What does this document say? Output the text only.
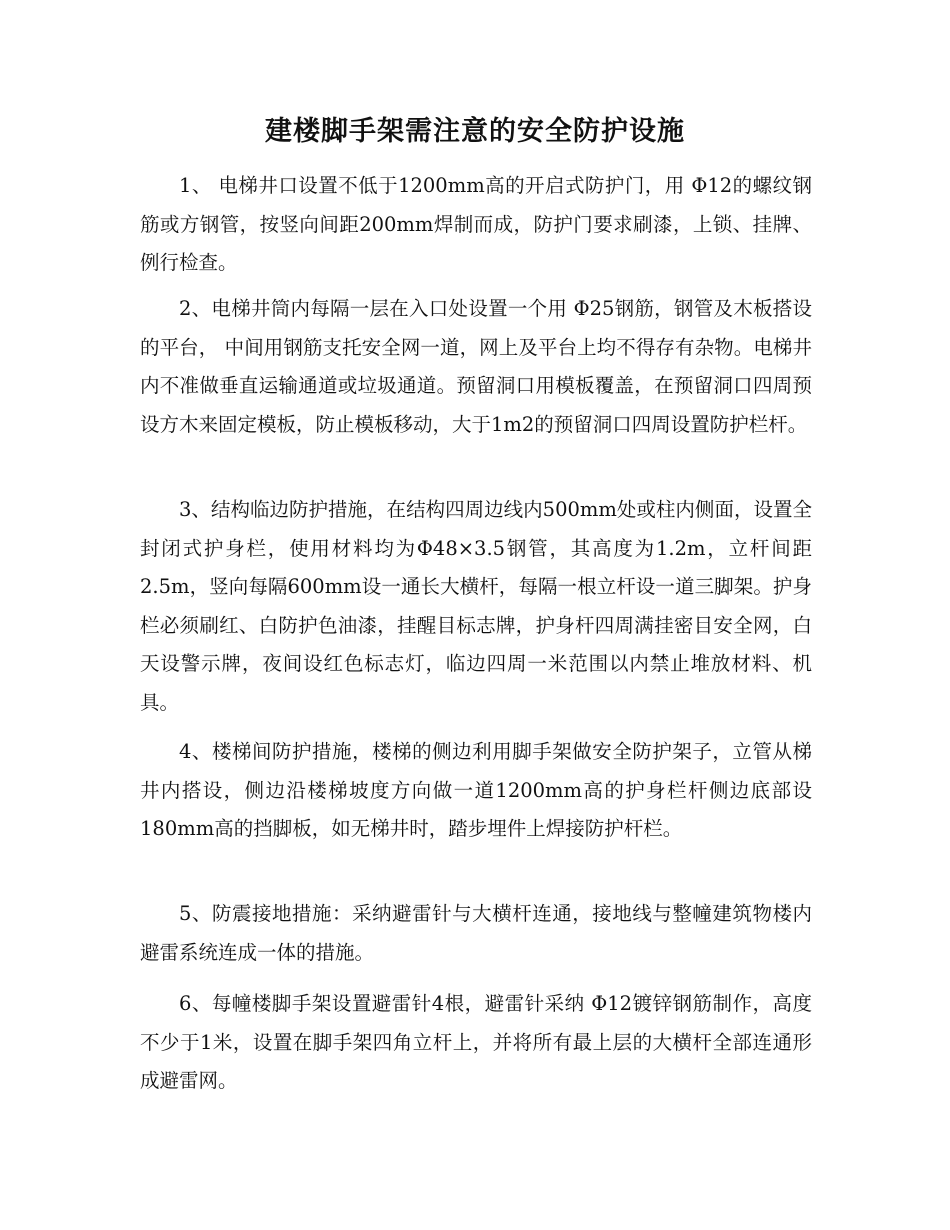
建楼脚手架需注意的安全防护设施

1、 电梯井口设置不低于1200mm高的开启式防护门，用 Φ12的螺纹钢筋或方钢管，按竖向间距200mm焊制而成，防护门要求刷漆，上锁、挂牌、例行检查。

2、电梯井筒内每隔一层在入口处设置一个用 Φ25钢筋，钢管及木板搭设的平台， 中间用钢筋支托安全网一道，网上及平台上均不得存有杂物。电梯井内不准做垂直运输通道或垃圾通道。预留洞口用模板覆盖，在预留洞口四周预设方木来固定模板，防止模板移动，大于1m2的预留洞口四周设置防护栏杆。

3、结构临边防护措施，在结构四周边线内500mm处或柱内侧面，设置全封闭式护身栏，使用材料均为Φ48×3.5钢管，其高度为1.2m，立杆间距2.5m，竖向每隔600mm设一通长大横杆，每隔一根立杆设一道三脚架。护身栏必须刷红、白防护色油漆，挂醒目标志牌，护身杆四周满挂密目安全网，白天设警示牌，夜间设红色标志灯，临边四周一米范围以内禁止堆放材料、机具。

4、楼梯间防护措施，楼梯的侧边利用脚手架做安全防护架子，立管从梯井内搭设，侧边沿楼梯坡度方向做一道1200mm高的护身栏杆侧边底部设180mm高的挡脚板，如无梯井时，踏步埋件上焊接防护杆栏。

5、防震接地措施：采纳避雷针与大横杆连通，接地线与整幢建筑物楼内避雷系统连成一体的措施。

6、每幢楼脚手架设置避雷针4根，避雷针采纳 Φ12镀锌钢筋制作，高度不少于1米，设置在脚手架四角立杆上，并将所有最上层的大横杆全部连通形成避雷网。
